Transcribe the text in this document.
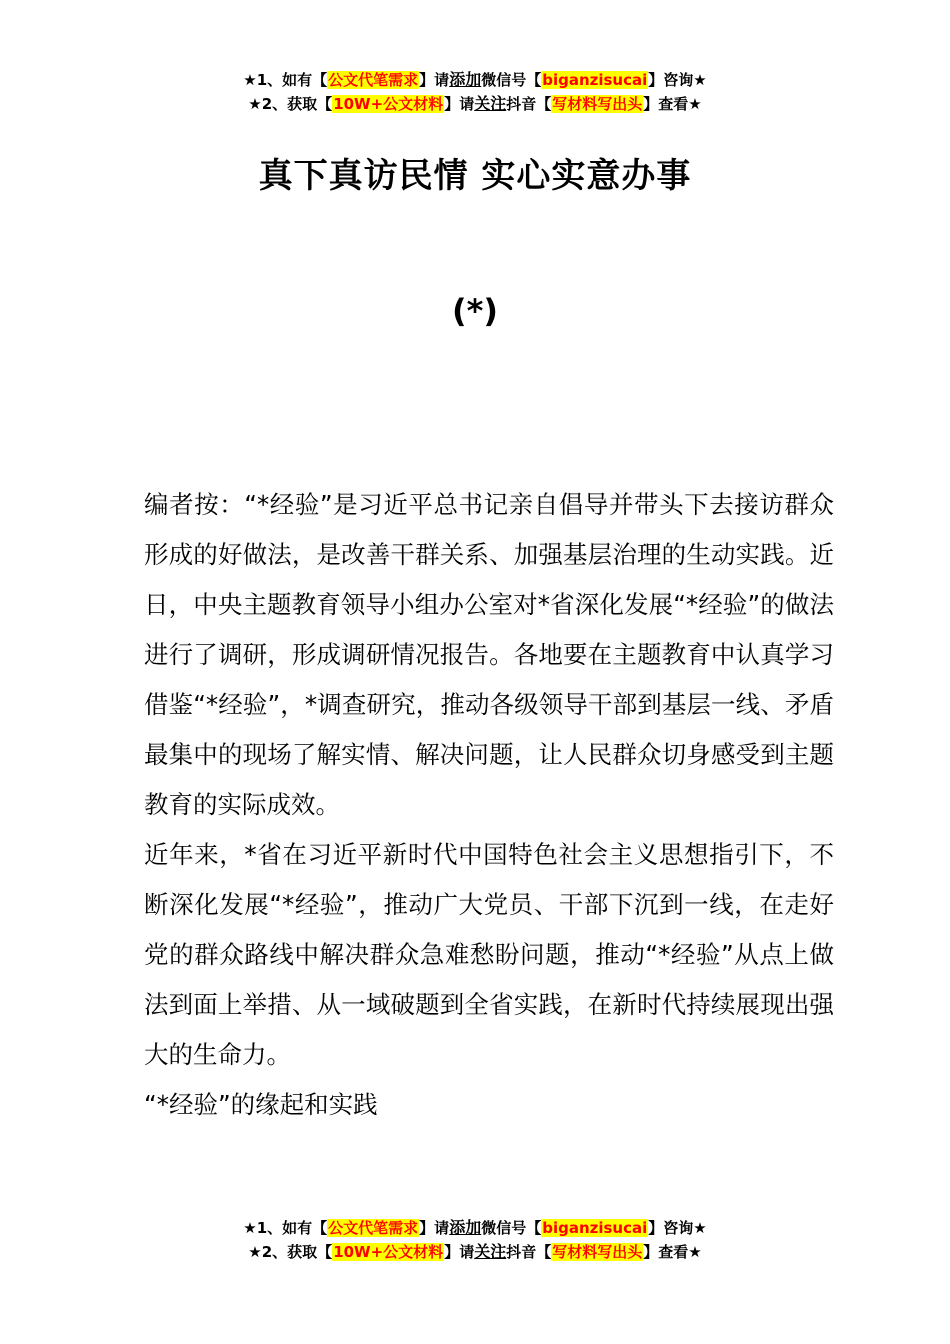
★1、如有【公文代笔需求】请添加微信号【biganzisucai】咨询★
★2、获取【10W+公文材料】请关注抖音【写材料写出头】查看★
真下真访民情 实心实意办事
(*)

编者按：“*经验”是习近平总书记亲自倡导并带头下去接访群众形成的好做法，是改善干群关系、加强基层治理的生动实践。近日，中央主题教育领导小组办公室对*省深化发展“*经验”的做法进行了调研，形成调研情况报告。各地要在主题教育中认真学习借鉴“*经验”，*调查研究，推动各级领导干部到基层一线、矛盾最集中的现场了解实情、解决问题，让人民群众切身感受到主题教育的实际成效。

近年来，*省在习近平新时代中国特色社会主义思想指引下，不断深化发展“*经验”，推动广大党员、干部下沉到一线，在走好党的群众路线中解决群众急难愁盼问题，推动“*经验”从点上做法到面上举措、从一域破题到全省实践，在新时代持续展现出强大的生命力。

“*经验”的缘起和实践

★1、如有【公文代笔需求】请添加微信号【biganzisucai】咨询★
★2、获取【10W+公文材料】请关注抖音【写材料写出头】查看★
